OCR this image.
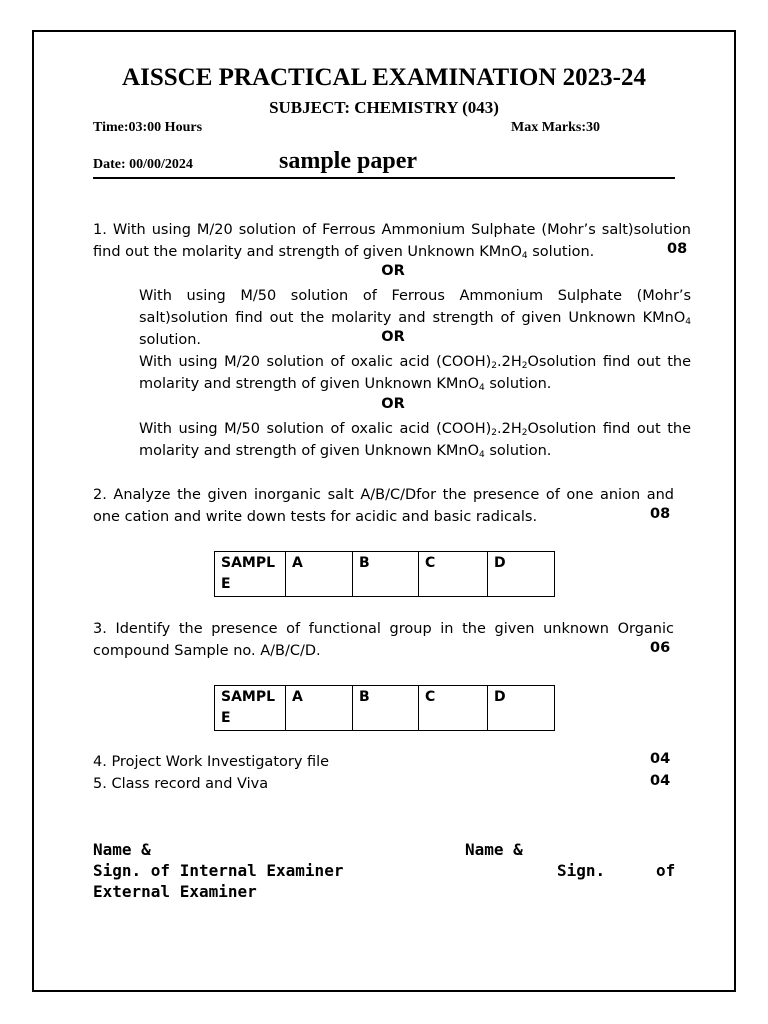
AISSCE PRACTICAL EXAMINATION 2023-24
SUBJECT: CHEMISTRY (043)
Time:03:00 Hours	Max Marks:30
Date: 00/00/2024	sample paper
1. With using M/20 solution of Ferrous Ammonium Sulphate (Mohr’s salt)solution find out the molarity and strength of given Unknown KMnO$_4$ solution.	08
OR
With using M/50 solution of Ferrous Ammonium Sulphate (Mohr’s salt)solution find out the molarity and strength of given Unknown KMnO$_4$ solution.	OR
With using M/20 solution of oxalic acid $(COOH)_2.2H_2Osolution$ find out the molarity and strength of given Unknown KMnO$_4$ solution.
OR
With using M/50 solution of oxalic acid $(COOH)_2.2H_2Osolution$ find out the molarity and strength of given Unknown KMnO$_4$ solution.
2. Analyze the given inorganic salt A/B/C/Dfor the presence of one anion and one cation and write down tests for acidic and basic radicals.	08
SAMPL E	A	B	C	D
3. Identify the presence of functional group in the given unknown Organic compound Sample no. A/B/C/D.	06
SAMPL E	A	B	C	D
4. Project Work Investigatory file	04
5. Class record and Viva	04
Name &	Name &
Sign. of Internal Examiner	Sign.	of
External Examiner
